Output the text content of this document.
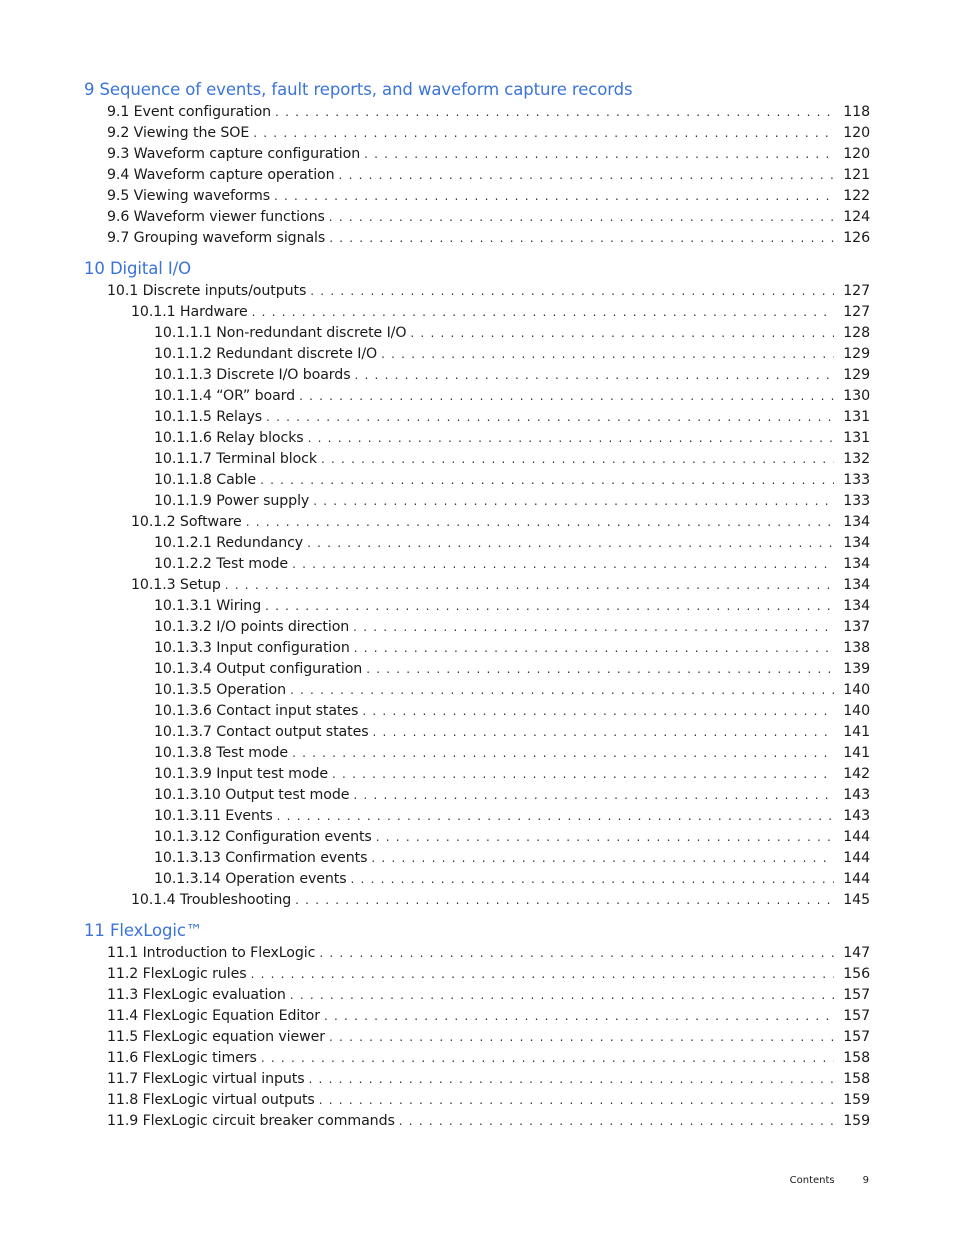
9 Sequence of events, fault reports, and waveform capture records
9.1 Event configuration . . .	118
9.2 Viewing the SOE . . .	120
9.3 Waveform capture configuration . . .	120
9.4 Waveform capture operation . . .	121
9.5 Viewing waveforms . . .	122
9.6 Waveform viewer functions . . .	124
9.7 Grouping waveform signals . . .	126
10 Digital I/O
10.1 Discrete inputs/outputs . . .	127
10.1.1 Hardware . . .	127
10.1.1.1 Non-redundant discrete I/O . . .	128
10.1.1.2 Redundant discrete I/O . . .	129
10.1.1.3 Discrete I/O boards . . .	129
10.1.1.4 “OR” board . . .	130
10.1.1.5 Relays . . .	131
10.1.1.6 Relay blocks . . .	131
10.1.1.7 Terminal block . . .	132
10.1.1.8 Cable . . .	133
10.1.1.9 Power supply . . .	133
10.1.2 Software . . .	134
10.1.2.1 Redundancy . . .	134
10.1.2.2 Test mode . . .	134
10.1.3 Setup . . .	134
10.1.3.1 Wiring . . .	134
10.1.3.2 I/O points direction . . .	137
10.1.3.3 Input configuration . . .	138
10.1.3.4 Output configuration . . .	139
10.1.3.5 Operation . . .	140
10.1.3.6 Contact input states . . .	140
10.1.3.7 Contact output states . . .	141
10.1.3.8 Test mode . . .	141
10.1.3.9 Input test mode . . .	142
10.1.3.10 Output test mode . . .	143
10.1.3.11 Events . . .	143
10.1.3.12 Configuration events . . .	144
10.1.3.13 Confirmation events . . .	144
10.1.3.14 Operation events . . .	144
10.1.4 Troubleshooting . . .	145
11 FlexLogic™
11.1 Introduction to FlexLogic . . .	147
11.2 FlexLogic rules . . .	156
11.3 FlexLogic evaluation . . .	157
11.4 FlexLogic Equation Editor . . .	157
11.5 FlexLogic equation viewer . . .	157
11.6 FlexLogic timers . . .	158
11.7 FlexLogic virtual inputs . . .	158
11.8 FlexLogic virtual outputs . . .	159
11.9 FlexLogic circuit breaker commands . . .	159
Contents	9
